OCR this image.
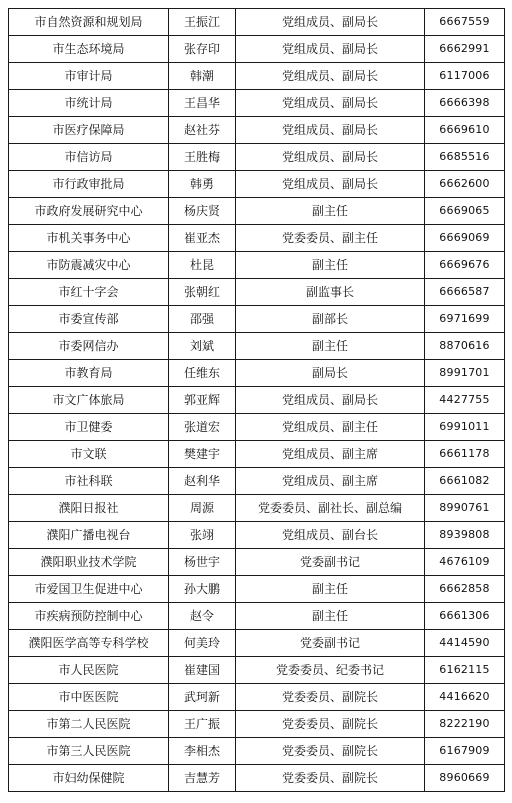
市自然资源和规划局	王振江	党组成员、副局长	6667559
市生态环境局	张存印	党组成员、副局长	6662991
市审计局	韩潮	党组成员、副局长	6117006
市统计局	王昌华	党组成员、副局长	6666398
市医疗保障局	赵社芬	党组成员、副局长	6669610
市信访局	王胜梅	党组成员、副局长	6685516
市行政审批局	韩勇	党组成员、副局长	6662600
市政府发展研究中心	杨庆贤	副主任	6669065
市机关事务中心	崔亚杰	党委委员、副主任	6669069
市防震减灾中心	杜昆	副主任	6669676
市红十字会	张朝红	副监事长	6666587
市委宣传部	邵强	副部长	6971699
市委网信办	刘斌	副主任	8870616
市教育局	任维东	副局长	8991701
市文广体旅局	郭亚辉	党组成员、副局长	4427755
市卫健委	张道宏	党组成员、副主任	6991011
市文联	樊建宇	党组成员、副主席	6661178
市社科联	赵利华	党组成员、副主席	6661082
濮阳日报社	周源	党委委员、副社长、副总编	8990761
濮阳广播电视台	张翊	党组成员、副台长	8939808
濮阳职业技术学院	杨世宇	党委副书记	4676109
市爱国卫生促进中心	孙大鹏	副主任	6662858
市疾病预防控制中心	赵令	副主任	6661306
濮阳医学高等专科学校	何美玲	党委副书记	4414590
市人民医院	崔建国	党委委员、纪委书记	6162115
市中医医院	武珂新	党委委员、副院长	4416620
市第二人民医院	王广振	党委委员、副院长	8222190
市第三人民医院	李相杰	党委委员、副院长	6167909
市妇幼保健院	吉慧芳	党委委员、副院长	8960669
